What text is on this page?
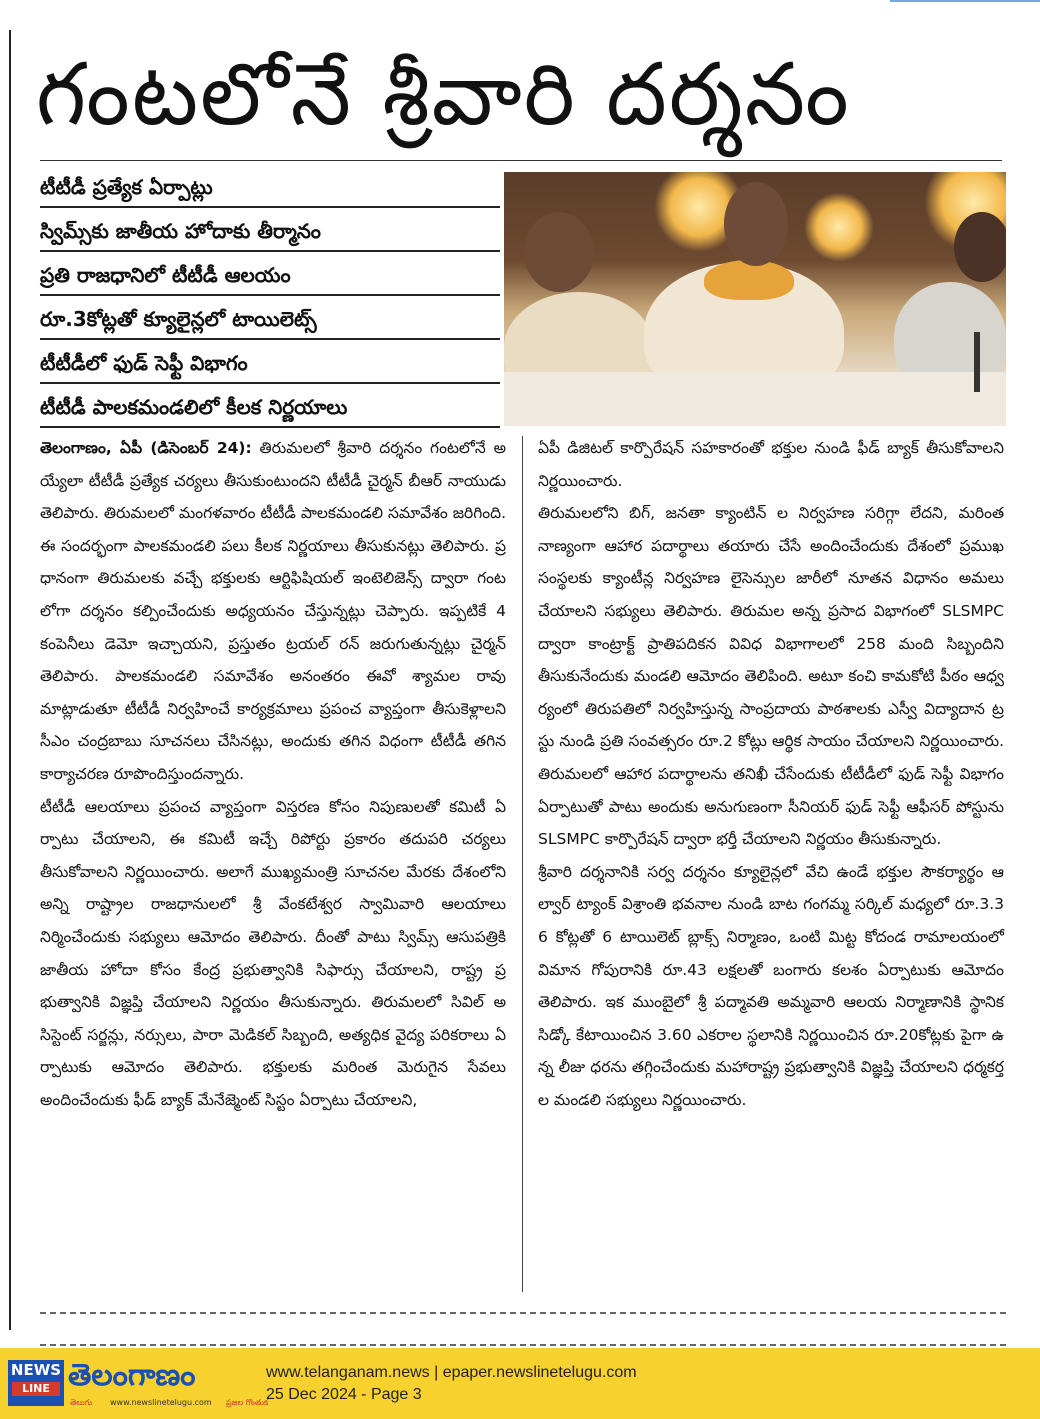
గంటలోనే శ్రీవారి దర్శనం
టీటీడీ ప్రత్యేక ఏర్పాట్లు
స్విమ్స్‌కు జాతీయ హోదాకు తీర్మానం
ప్రతి రాజధానిలో టీటీడీ ఆలయం
రూ.3కోట్లతో క్యూలైన్లలో టాయిలెట్స్
టీటీడీలో ఫుడ్ సెఫ్టీ విభాగం
టీటీడీ పాలకమండలిలో కీలక నిర్ణయాలు

తెలంగాణం, ఏపీ (డిసెంబర్ 24): తిరుమలలో శ్రీవారి దర్శనం గంటలోనే అయ్యేలా టీటీడీ ప్రత్యేక చర్యలు తీసుకుంటుందని టీటీడీ చైర్మన్ బీఆర్ నాయుడు తెలిపారు. తిరుమలలో మంగళవారం టీటీడీ పాలకమండలి సమావేశం జరిగింది. ఈ సందర్భంగా పాలకమండలి పలు కీలక నిర్ణయాలు తీసుకునట్లు తెలిపారు. ప్రధానంగా తిరుమలకు వచ్చే భక్తులకు ఆర్టిఫిషియల్ ఇంటెలిజెన్స్ ద్వారా గంటలోగా దర్శనం కల్పించేందుకు అధ్యయనం చేస్తున్నట్లు చెప్పారు. ఇప్పటికే 4 కంపెనీలు డెమో ఇచ్చాయని, ప్రస్తుతం ట్రయల్ రన్ జరుగుతున్నట్లు చైర్మన్ తెలిపారు. పాలకమండలి సమావేశం అనంతరం ఈవో శ్యామల రావు మాట్లాడుతూ టీటీడీ నిర్వహించే కార్యక్రమాలు ప్రపంచ వ్యాప్తంగా తీసుకెళ్లాలని సీఎం చంద్రబాబు సూచనలు చేసినట్లు, అందుకు తగిన విధంగా టీటీడీ తగిన కార్యాచరణ రూపొందిస్తుందన్నారు.

టీటీడీ ఆలయాలు ప్రపంచ వ్యాప్తంగా విస్తరణ కోసం నిపుణులతో కమిటీ ఏర్పాటు చేయాలని, ఈ కమిటీ ఇచ్చే రిపోర్టు ప్రకారం తదుపరి చర్యలు తీసుకోవాలని నిర్ణయించారు. అలాగే ముఖ్యమంత్రి సూచనల మేరకు దేశంలోని అన్ని రాష్ట్రాల రాజధానులలో శ్రీ వేంకటేశ్వర స్వామివారి ఆలయాలు నిర్మించేందుకు సభ్యులు ఆమోదం తెలిపారు. దీంతో పాటు స్విమ్స్ ఆసుపత్రికి జాతీయ హోదా కోసం కేంద్ర ప్రభుత్వానికి సిఫార్సు చేయాలని, రాష్ట్ర ప్రభుత్వానికి విజ్ఞప్తి చేయాలని నిర్ణయం తీసుకున్నారు. తిరుమలలో సివిల్ అసిస్టెంట్ సర్జన్లు, నర్సులు, పారా మెడికల్ సిబ్బంది, అత్యధిక వైద్య పరికరాలు ఏర్పాటుకు ఆమోదం తెలిపారు. భక్తులకు మరింత మెరుగైన సేవలు అందించేందుకు ఫీడ్ బ్యాక్ మేనేజ్మెంట్ సిస్టం ఏర్పాటు చేయాలని,

ఏపీ డిజిటల్ కార్పొరేషన్ సహకారంతో భక్తుల నుండి ఫీడ్ బ్యాక్ తీసుకోవాలని నిర్ణయించారు.

తిరుమలలోని బిగ్, జనతా క్యాంటిన్ ల నిర్వహణ సరిగ్గా లేదని, మరింత నాణ్యంగా ఆహార పదార్థాలు తయారు చేసే అందించేందుకు దేశంలో ప్రముఖ సంస్థలకు క్యాంటీన్ల నిర్వహణ లైసెన్సుల జారీలో నూతన విధానం అమలు చేయాలని సభ్యులు తెలిపారు. తిరుమల అన్న ప్రసాద విభాగంలో SLSMPC ద్వారా కాంట్రాక్ట్ ప్రాతిపదికన వివిధ విభాగాలలో 258 మంది సిబ్బందిని తీసుకునేందుకు మండలి ఆమోదం తెలిపింది. అటూ కంచి కామకోటి పీఠం ఆధ్వర్యంలో తిరుపతిలో నిర్వహిస్తున్న సాంప్రదాయ పాఠశాలకు ఎస్వీ విద్యాదాన ట్రస్టు నుండి ప్రతి సంవత్సరం రూ.2 కోట్లు ఆర్థిక సాయం చేయాలని నిర్ణయించారు. తిరుమలలో ఆహార పదార్థాలను తనిఖీ చేసేందుకు టీటీడీలో ఫుడ్ సెఫ్టీ విభాగం ఏర్పాటుతో పాటు అందుకు అనుగుణంగా సీనియర్ ఫుడ్ సెఫ్టీ ఆఫీసర్ పోస్టును SLSMPC కార్పొరేషన్ ద్వారా భర్తీ చేయాలని నిర్ణయం తీసుకున్నారు.

శ్రీవారి దర్శనానికి సర్వ దర్శనం క్యూలైన్లలో వేచి ఉండే భక్తుల సౌకర్యార్థం ఆల్వార్ ట్యాంక్ విశ్రాంతి భవనాల నుండి బాట గంగమ్మ సర్కిల్ మధ్యలో రూ.3.36 కోట్లతో 6 టాయిలెట్ బ్లాక్స్ నిర్మాణం, ఒంటి మిట్ట కోదండ రామాలయంలో విమాన గోపురానికి రూ.43 లక్షలతో బంగారు కలశం ఏర్పాటుకు ఆమోదం తెలిపారు. ఇక ముంబైలో శ్రీ పద్మావతి అమ్మవారి ఆలయ నిర్మాణానికి స్థానిక సిడ్కో కేటాయించిన 3.60 ఎకరాల స్థలానికి నిర్ణయించిన రూ.20కోట్లకు పైగా ఉన్న లీజు ధరను తగ్గించేందుకు మహారాష్ట్ర ప్రభుత్వానికి విజ్ఞప్తి చేయాలని ధర్మకర్తల మండలి సభ్యులు నిర్ణయించారు.

NEWS
LINE తెలంగాణం
తెలుగు www.newslinetelugu.com ప్రజల గొంతుక
www.telanganam.news | epaper.newslinetelugu.com
25 Dec 2024 - Page 3
